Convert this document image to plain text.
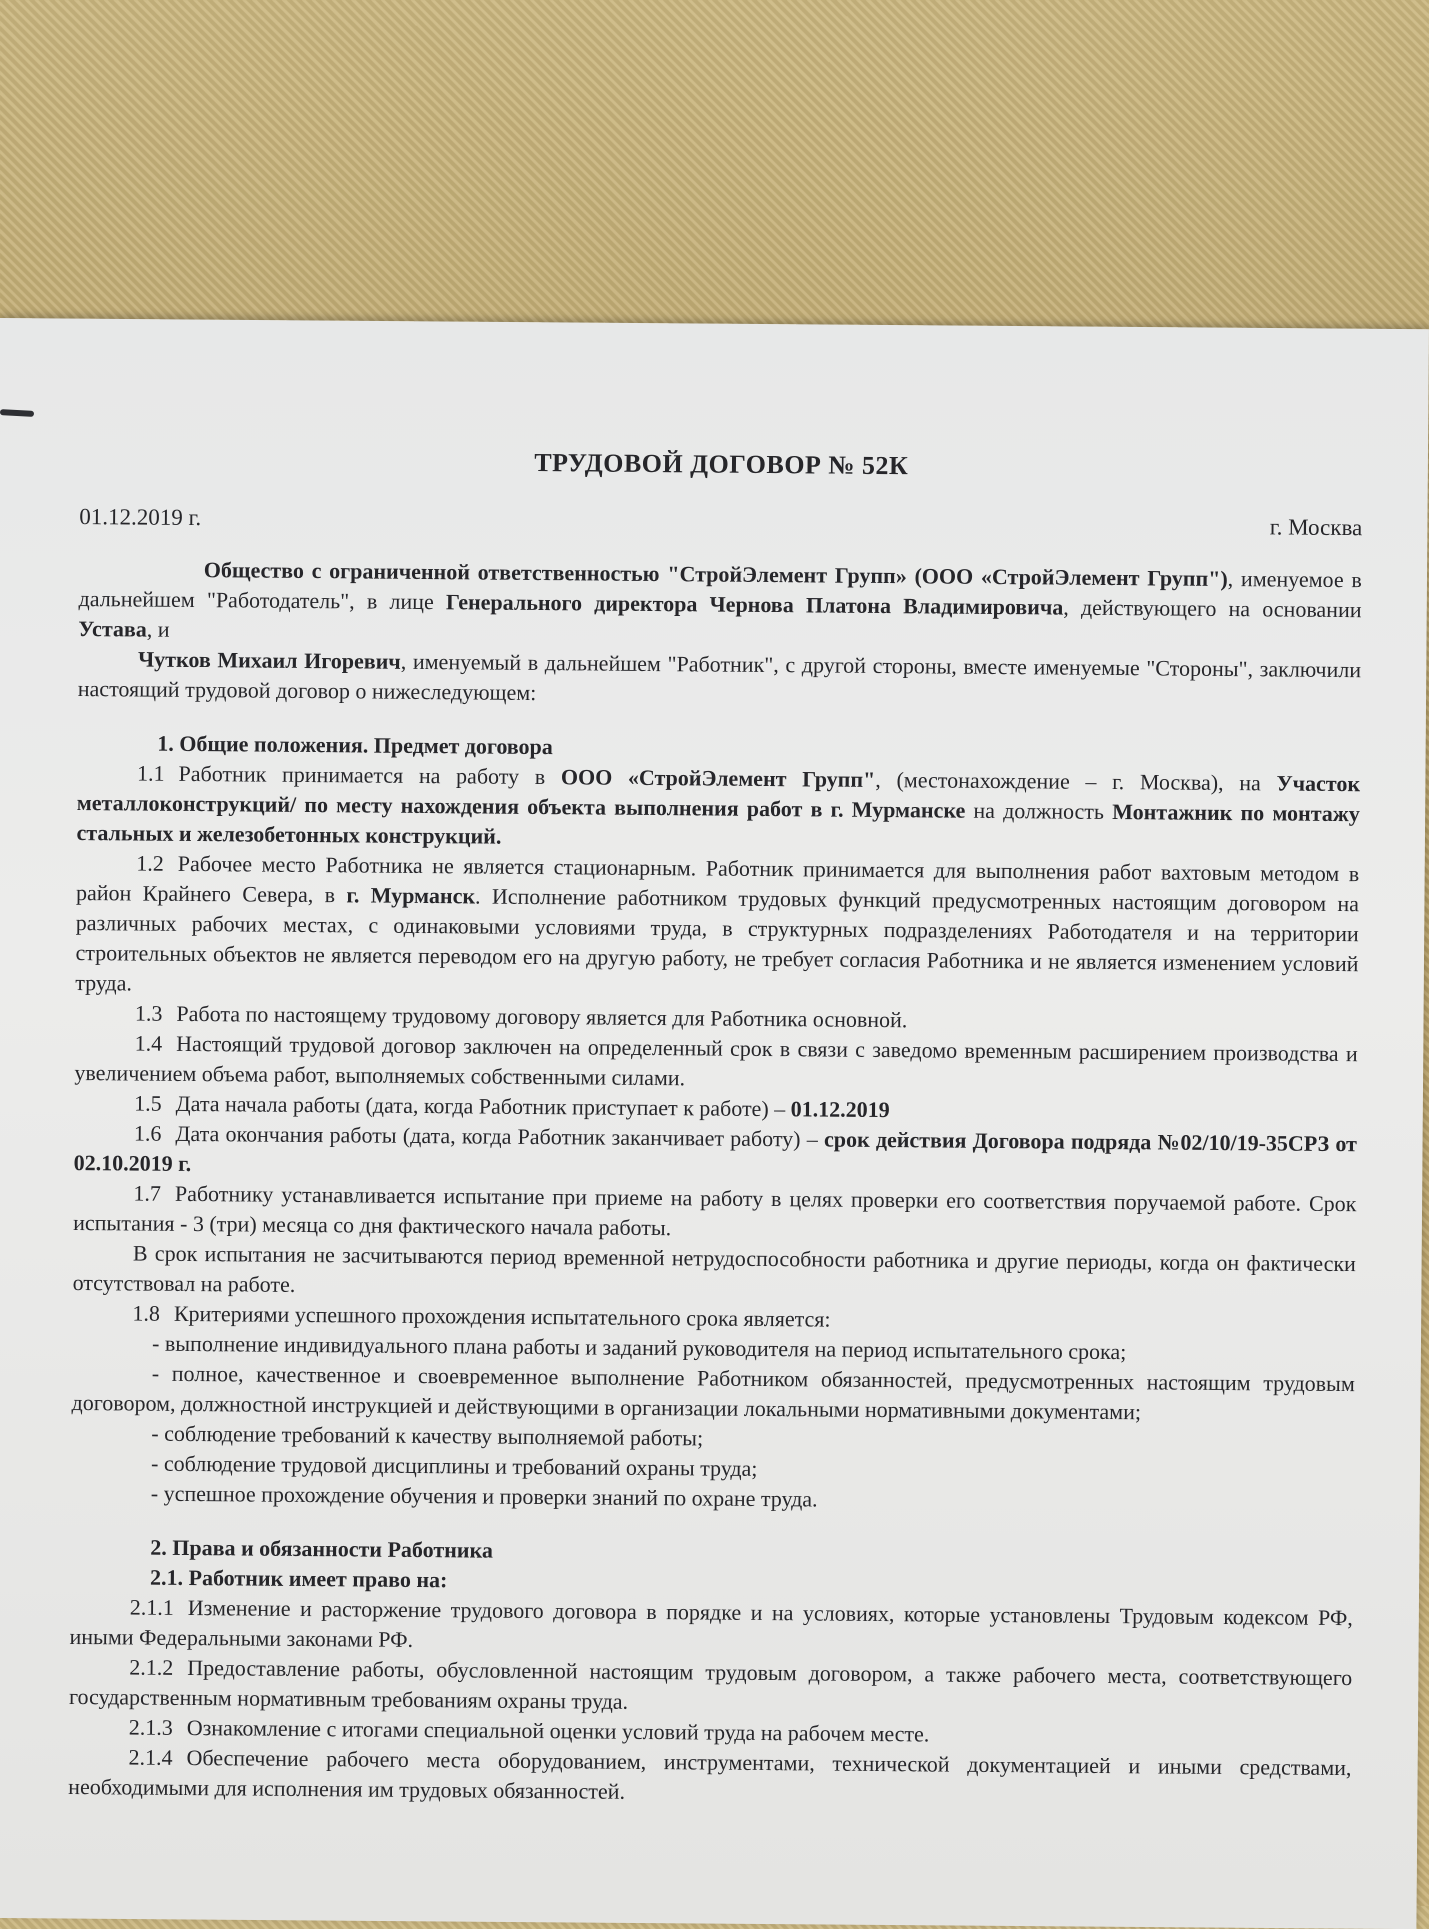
ТРУДОВОЙ ДОГОВОР № 52К
01.12.2019 г.	г. Москва

Общество с ограниченной ответственностью "СтройЭлемент Групп» (ООО «СтройЭлемент Групп"), именуемое в дальнейшем "Работодатель", в лице Генерального директора Чернова Платона Владимировича, действующего на основании Устава, и

Чутков Михаил Игоревич, именуемый в дальнейшем "Работник", с другой стороны, вместе именуемые "Стороны", заключили настоящий трудовой договор о нижеследующем:

1. Общие положения. Предмет договора

1.1 Работник принимается на работу в ООО «СтройЭлемент Групп", (местонахождение – г. Москва), на Участок металлоконструкций/ по месту нахождения объекта выполнения работ в г. Мурманске на должность Монтажник по монтажу стальных и железобетонных конструкций.

1.2 Рабочее место Работника не является стационарным. Работник принимается для выполнения работ вахтовым методом в район Крайнего Севера, в г. Мурманск. Исполнение работником трудовых функций предусмотренных настоящим договором на различных рабочих местах, с одинаковыми условиями труда, в структурных подразделениях Работодателя и на территории строительных объектов не является переводом его на другую работу, не требует согласия Работника и не является изменением условий труда.

1.3 Работа по настоящему трудовому договору является для Работника основной.

1.4 Настоящий трудовой договор заключен на определенный срок в связи с заведомо временным расширением производства и увеличением объема работ, выполняемых собственными силами.

1.5 Дата начала работы (дата, когда Работник приступает к работе) – 01.12.2019

1.6 Дата окончания работы (дата, когда Работник заканчивает работу) – срок действия Договора подряда №02/10/19-35СРЗ от 02.10.2019 г.

1.7 Работнику устанавливается испытание при приеме на работу в целях проверки его соответствия поручаемой работе. Срок испытания - 3 (три) месяца со дня фактического начала работы.

В срок испытания не засчитываются период временной нетрудоспособности работника и другие периоды, когда он фактически отсутствовал на работе.

1.8 Критериями успешного прохождения испытательного срока является:

- выполнение индивидуального плана работы и заданий руководителя на период испытательного срока;

- полное, качественное и своевременное выполнение Работником обязанностей, предусмотренных настоящим трудовым договором, должностной инструкцией и действующими в организации локальными нормативными документами;

- соблюдение требований к качеству выполняемой работы;

- соблюдение трудовой дисциплины и требований охраны труда;

- успешное прохождение обучения и проверки знаний по охране труда.

2. Права и обязанности Работника
2.1. Работник имеет право на:

2.1.1 Изменение и расторжение трудового договора в порядке и на условиях, которые установлены Трудовым кодексом РФ, иными Федеральными законами РФ.

2.1.2 Предоставление работы, обусловленной настоящим трудовым договором, а также рабочего места, соответствующего государственным нормативным требованиям охраны труда.

2.1.3 Ознакомление с итогами специальной оценки условий труда на рабочем месте.

2.1.4 Обеспечение рабочего места оборудованием, инструментами, технической документацией и иными средствами, необходимыми для исполнения им трудовых обязанностей.
